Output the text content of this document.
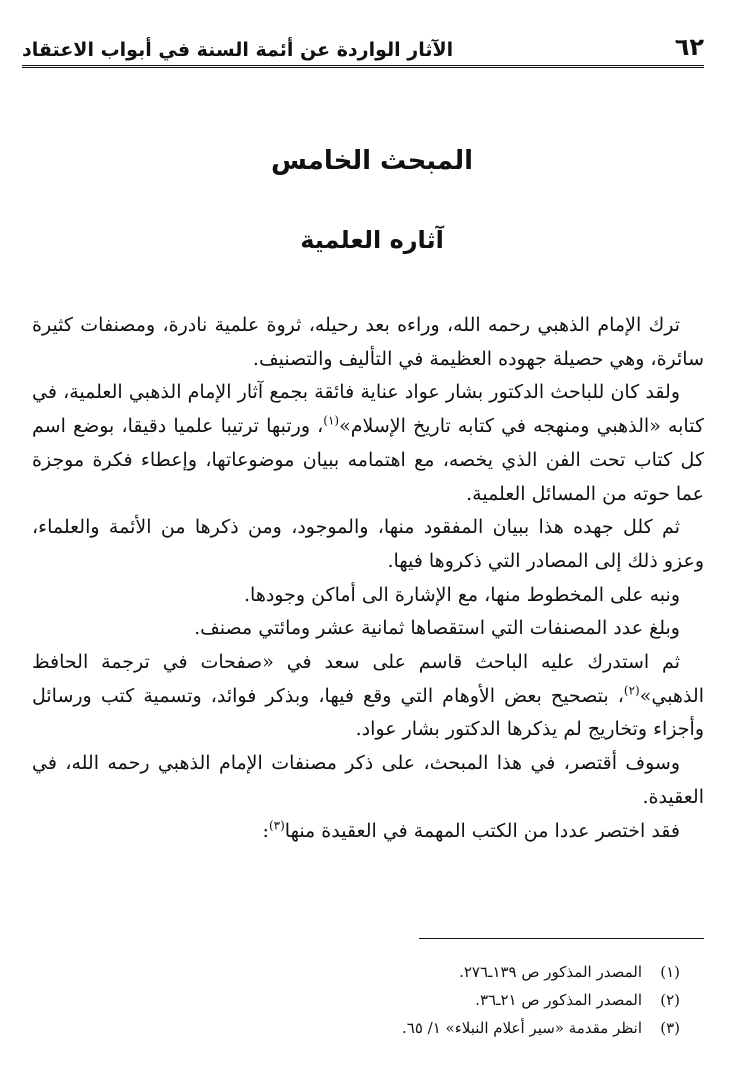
٦٢
الآثار الواردة عن أئمة السنة في أبواب الاعتقاد
المبحث الخامس
آثاره العلمية

ترك الإمام الذهبي رحمه الله، وراءه بعد رحيله، ثروة علمية نادرة، ومصنفات كثيرة سائرة، وهي حصيلة جهوده العظيمة في التأليف والتصنيف.

ولقد كان للباحث الدكتور بشار عواد عناية فائقة بجمع آثار الإمام الذهبي العلمية، في كتابه «الذهبي ومنهجه في كتابه تاريخ الإسلام»$^{(١)}$، ورتبها ترتيبا علميا دقيقا، بوضع اسم كل كتاب تحت الفن الذي يخصه، مع اهتمامه ببيان موضوعاتها، وإعطاء فكرة موجزة عما حوته من المسائل العلمية.

ثم كلل جهده هذا ببيان المفقود منها، والموجود، ومن ذكرها من الأئمة والعلماء، وعزو ذلك إلى المصادر التي ذكروها فيها.

ونبه على المخطوط منها، مع الإشارة الى أماكن وجودها.

وبلغ عدد المصنفات التي استقصاها ثمانية عشر ومائتي مصنف.

ثم استدرك عليه الباحث قاسم على سعد في «صفحات في ترجمة الحافظ الذهبي»$^{(٢)}$، بتصحيح بعض الأوهام التي وقع فيها، وبذكر فوائد، وتسمية كتب ورسائل وأجزاء وتخاريج لم يذكرها الدكتور بشار عواد.

وسوف أقتصر، في هذا المبحث، على ذكر مصنفات الإمام الذهبي رحمه الله، في العقيدة.

فقد اختصر عددا من الكتب المهمة في العقيدة منها$^{(٣)}$:

(١)
المصدر المذكور ص ١٣٩ـ٢٧٦.
(٢)
المصدر المذكور ص ٢١ـ٣٦.
(٣)
انظر مقدمة «سير أعلام النبلاء» ١/ ٦٥.
